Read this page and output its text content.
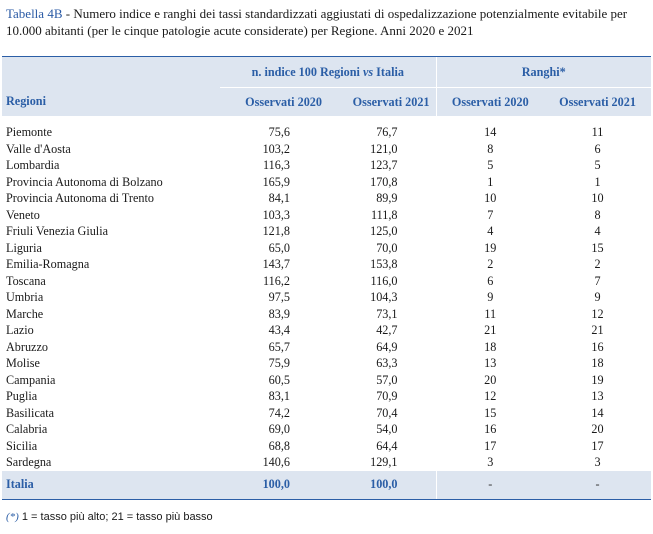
Tabella 4B - Numero indice e ranghi dei tassi standardizzati aggiustati di ospedalizzazione potenzialmente evitabile per 10.000 abitanti (per le cinque patologie acute considerate) per Regione. Anni 2020 e 2021
Regioni	n. indice 100 Regioni vs Italia		Ranghi*	
	Osservati 2020	Osservati 2021	Osservati 2020	Osservati 2021

Piemonte	75,6	76,7	14	11
Valle d'Aosta	103,2	121,0	8	6
Lombardia	116,3	123,7	5	5
Provincia Autonoma di Bolzano	165,9	170,8	1	1
Provincia Autonoma di Trento	84,1	89,9	10	10
Veneto	103,3	111,8	7	8
Friuli Venezia Giulia	121,8	125,0	4	4
Liguria	65,0	70,0	19	15
Emilia-Romagna	143,7	153,8	2	2
Toscana	116,2	116,0	6	7
Umbria	97,5	104,3	9	9
Marche	83,9	73,1	11	12
Lazio	43,4	42,7	21	21
Abruzzo	65,7	64,9	18	16
Molise	75,9	63,3	13	18
Campania	60,5	57,0	20	19
Puglia	83,1	70,9	12	13
Basilicata	74,2	70,4	15	14
Calabria	69,0	54,0	16	20
Sicilia	68,8	64,4	17	17
Sardegna	140,6	129,1	3	3
Italia	100,0	100,0	-	-
(*) 1 = tasso più alto; 21 = tasso più basso
